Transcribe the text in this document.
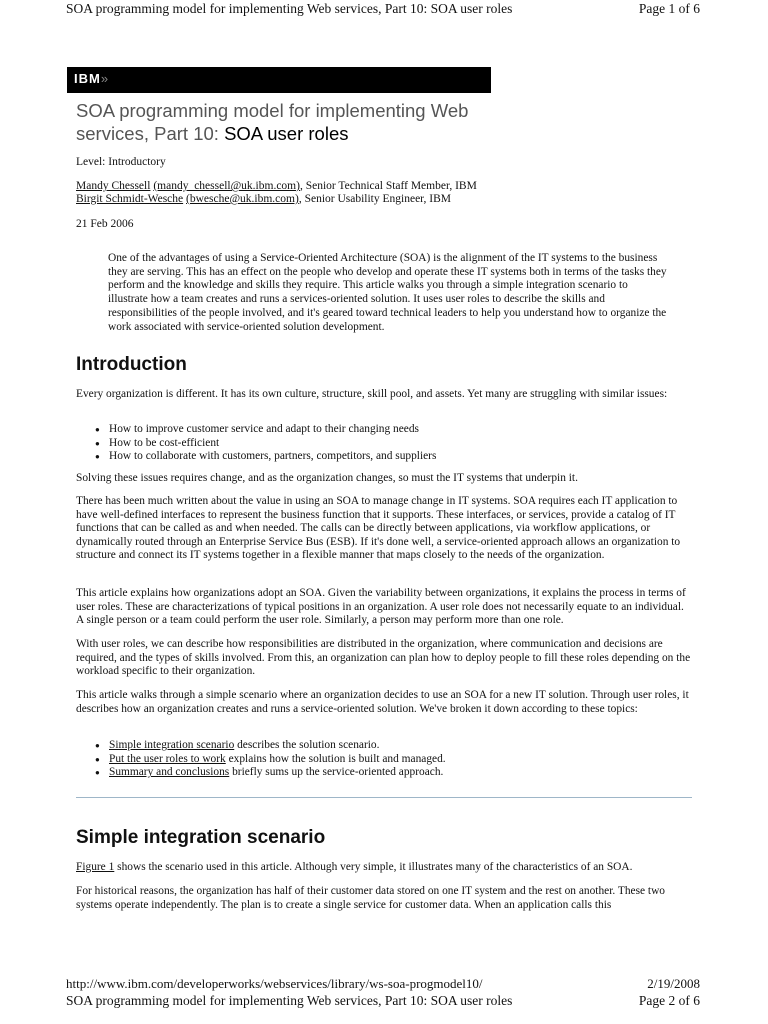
SOA programming model for implementing Web services, Part 10: SOA user roles	Page 1 of 6
IBM»
SOA programming model for implementing Web services, Part 10: SOA user roles
Level: Introductory
Mandy Chessell (mandy_chessell@uk.ibm.com), Senior Technical Staff Member, IBM
Birgit Schmidt-Wesche (bwesche@uk.ibm.com), Senior Usability Engineer, IBM
21 Feb 2006
One of the advantages of using a Service-Oriented Architecture (SOA) is the alignment of the IT systems to the business they are serving. This has an effect on the people who develop and operate these IT systems both in terms of the tasks they perform and the knowledge and skills they require. This article walks you through a simple integration scenario to illustrate how a team creates and runs a services-oriented solution. It uses user roles to describe the skills and responsibilities of the people involved, and it's geared toward technical leaders to help you understand how to organize the work associated with service-oriented solution development.
Introduction

Every organization is different. It has its own culture, structure, skill pool, and assets. Yet many are struggling with similar issues:

● How to improve customer service and adapt to their changing needs
● How to be cost-efficient
● How to collaborate with customers, partners, competitors, and suppliers

Solving these issues requires change, and as the organization changes, so must the IT systems that underpin it.

There has been much written about the value in using an SOA to manage change in IT systems. SOA requires each IT application to have well-defined interfaces to represent the business function that it supports. These interfaces, or services, provide a catalog of IT functions that can be called as and when needed. The calls can be directly between applications, via workflow applications, or dynamically routed through an Enterprise Service Bus (ESB). If it's done well, a service-oriented approach allows an organization to structure and connect its IT systems together in a flexible manner that maps closely to the needs of the organization.

This article explains how organizations adopt an SOA. Given the variability between organizations, it explains the process in terms of user roles. These are characterizations of typical positions in an organization. A user role does not necessarily equate to an individual. A single person or a team could perform the user role. Similarly, a person may perform more than one role.

With user roles, we can describe how responsibilities are distributed in the organization, where communication and decisions are required, and the types of skills involved. From this, an organization can plan how to deploy people to fill these roles depending on the workload specific to their organization.

This article walks through a simple scenario where an organization decides to use an SOA for a new IT solution. Through user roles, it describes how an organization creates and runs a service-oriented solution. We've broken it down according to these topics:

● Simple integration scenario describes the solution scenario.
● Put the user roles to work explains how the solution is built and managed.
● Summary and conclusions briefly sums up the service-oriented approach.
Simple integration scenario

Figure 1 shows the scenario used in this article. Although very simple, it illustrates many of the characteristics of an SOA.

For historical reasons, the organization has half of their customer data stored on one IT system and the rest on another. These two systems operate independently. The plan is to create a single service for customer data. When an application calls this

http://www.ibm.com/developerworks/webservices/library/ws-soa-progmodel10/	2/19/2008
SOA programming model for implementing Web services, Part 10: SOA user roles	Page 2 of 6
